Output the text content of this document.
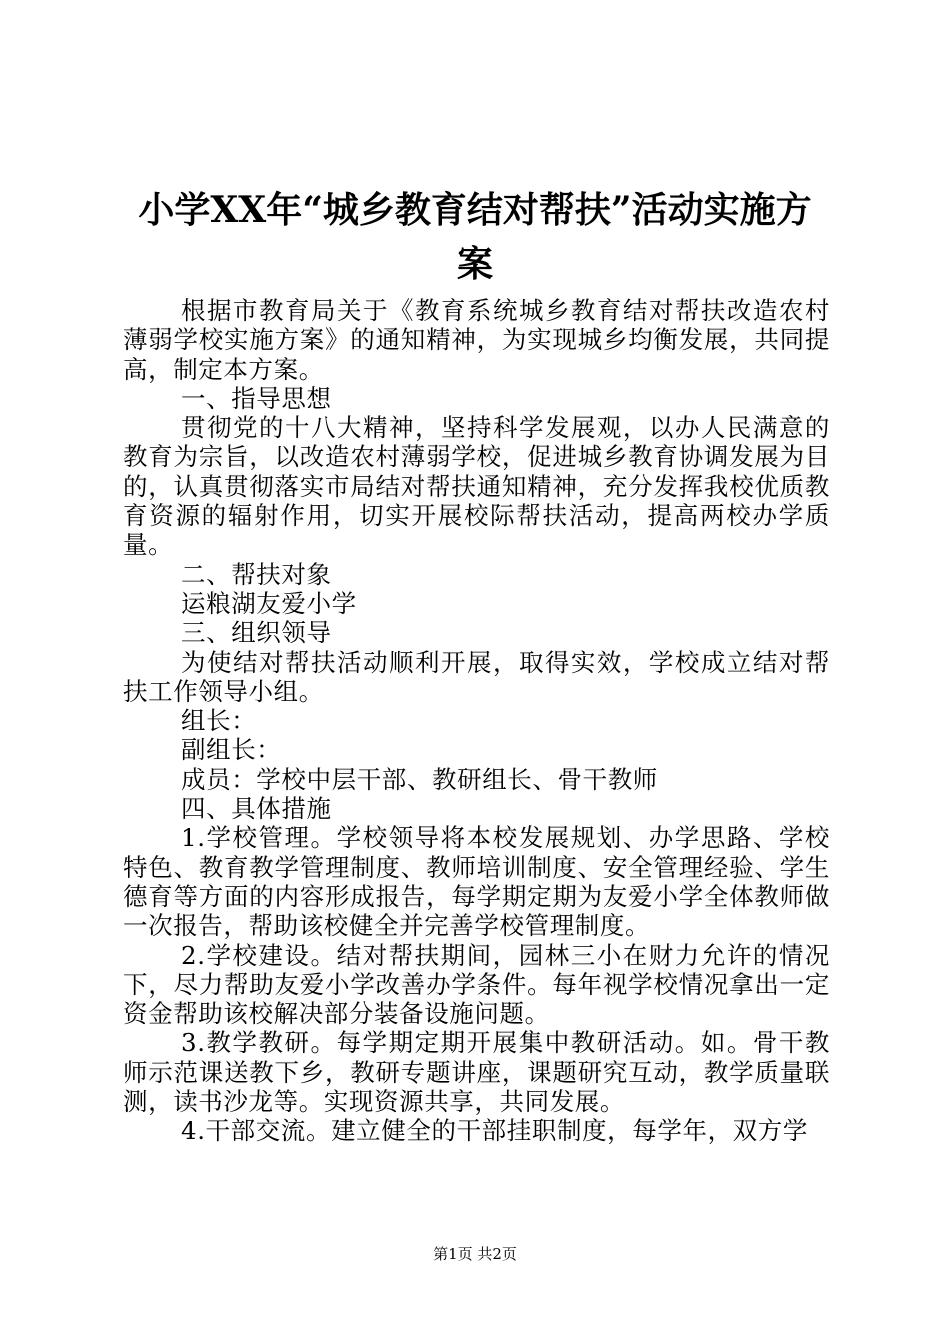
小学XX年“城乡教育结对帮扶”活动实施方
案

根据市教育局关于《教育系统城乡教育结对帮扶改造农村薄弱学校实施方案》的通知精神，为实现城乡均衡发展，共同提高，制定本方案。

一、指导思想

贯彻党的十八大精神，坚持科学发展观，以办人民满意的教育为宗旨，以改造农村薄弱学校，促进城乡教育协调发展为目的，认真贯彻落实市局结对帮扶通知精神，充分发挥我校优质教育资源的辐射作用，切实开展校际帮扶活动，提高两校办学质量。

二、帮扶对象

运粮湖友爱小学

三、组织领导

为使结对帮扶活动顺利开展，取得实效，学校成立结对帮扶工作领导小组。

组长：

副组长：

成员：学校中层干部、教研组长、骨干教师

四、具体措施

1.学校管理。学校领导将本校发展规划、办学思路、学校特色、教育教学管理制度、教师培训制度、安全管理经验、学生德育等方面的内容形成报告，每学期定期为友爱小学全体教师做一次报告，帮助该校健全并完善学校管理制度。

2.学校建设。结对帮扶期间，园林三小在财力允许的情况下，尽力帮助友爱小学改善办学条件。每年视学校情况拿出一定资金帮助该校解决部分装备设施问题。

3.教学教研。每学期定期开展集中教研活动。如。骨干教师示范课送教下乡，教研专题讲座，课题研究互动，教学质量联测，读书沙龙等。实现资源共享，共同发展。

4.干部交流。建立健全的干部挂职制度，每学年，双方学

第1页 共2页
